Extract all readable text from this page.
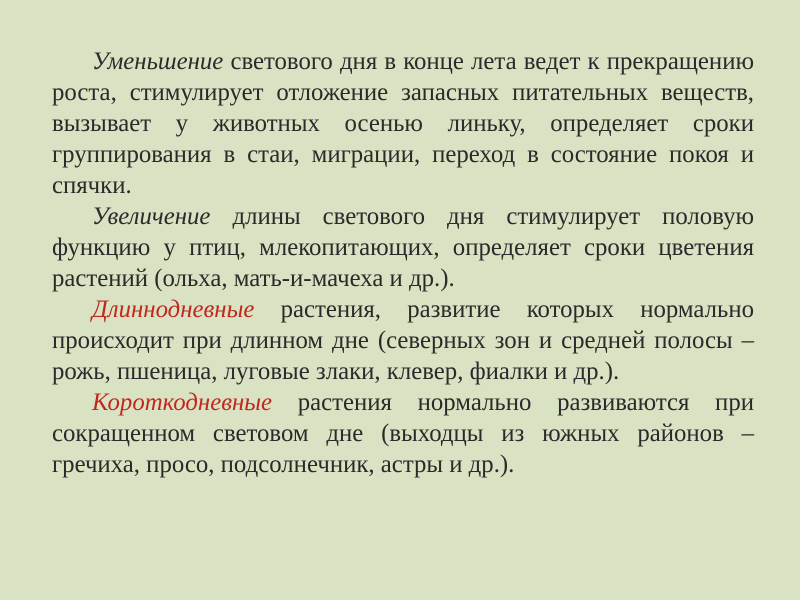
Уменьшение светового дня в конце лета ведет к прекращению роста, стимулирует отложение запасных питательных веществ, вызывает у животных осенью линьку, определяет сроки группирования в стаи, миграции, переход в состояние покоя и спячки.

Увеличение длины светового дня стимулирует половую функцию у птиц, млекопитающих, определяет сроки цветения растений (ольха, мать-и-мачеха и др.).

Длиннодневные растения, развитие которых нормально происходит при длинном дне (северных зон и средней полосы – рожь, пшеница, луговые злаки, клевер, фиалки и др.).

Короткодневные растения нормально развиваются при сокращенном световом дне (выходцы из южных районов – гречиха, просо, подсолнечник, астры и др.).
